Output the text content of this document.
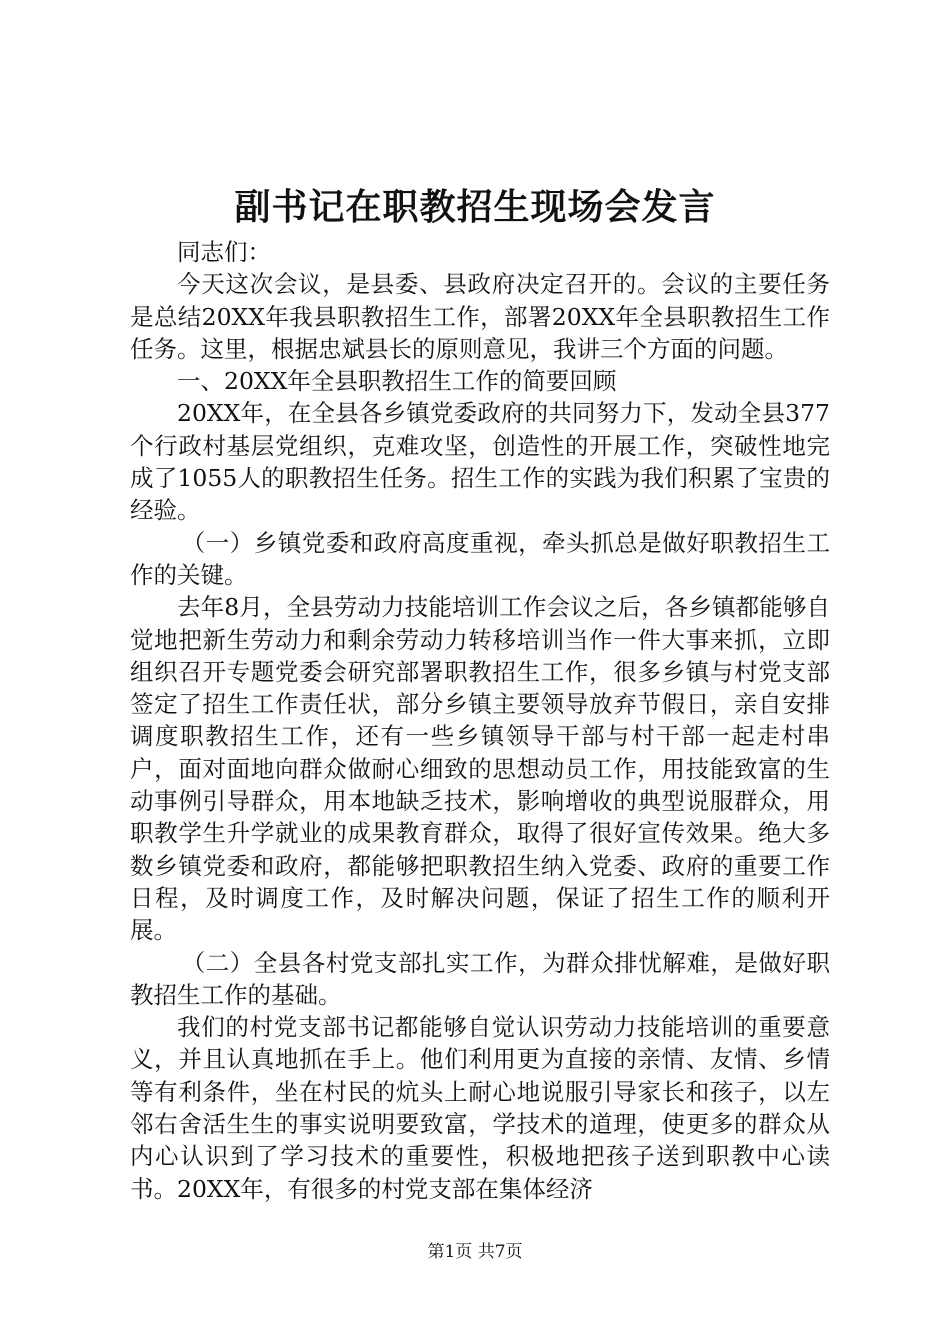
副书记在职教招生现场会发言

同志们：

今天这次会议，是县委、县政府决定召开的。会议的主要任务是总结20XX年我县职教招生工作，部署20XX年全县职教招生工作任务。这里，根据忠斌县长的原则意见，我讲三个方面的问题。

一、20XX年全县职教招生工作的简要回顾

20XX年，在全县各乡镇党委政府的共同努力下，发动全县377个行政村基层党组织，克难攻坚，创造性的开展工作，突破性地完成了1055人的职教招生任务。招生工作的实践为我们积累了宝贵的经验。

（一）乡镇党委和政府高度重视，牵头抓总是做好职教招生工作的关键。

去年8月，全县劳动力技能培训工作会议之后，各乡镇都能够自觉地把新生劳动力和剩余劳动力转移培训当作一件大事来抓，立即组织召开专题党委会研究部署职教招生工作，很多乡镇与村党支部签定了招生工作责任状，部分乡镇主要领导放弃节假日，亲自安排调度职教招生工作，还有一些乡镇领导干部与村干部一起走村串户，面对面地向群众做耐心细致的思想动员工作，用技能致富的生动事例引导群众，用本地缺乏技术，影响增收的典型说服群众，用职教学生升学就业的成果教育群众，取得了很好宣传效果。绝大多数乡镇党委和政府，都能够把职教招生纳入党委、政府的重要工作日程，及时调度工作，及时解决问题，保证了招生工作的顺利开展。

（二）全县各村党支部扎实工作，为群众排忧解难，是做好职教招生工作的基础。

我们的村党支部书记都能够自觉认识劳动力技能培训的重要意义，并且认真地抓在手上。他们利用更为直接的亲情、友情、乡情等有利条件，坐在村民的炕头上耐心地说服引导家长和孩子，以左邻右舍活生生的事实说明要致富，学技术的道理，使更多的群众从内心认识到了学习技术的重要性，积极地把孩子送到职教中心读书。20XX年，有很多的村党支部在集体经济

第1页 共7页
